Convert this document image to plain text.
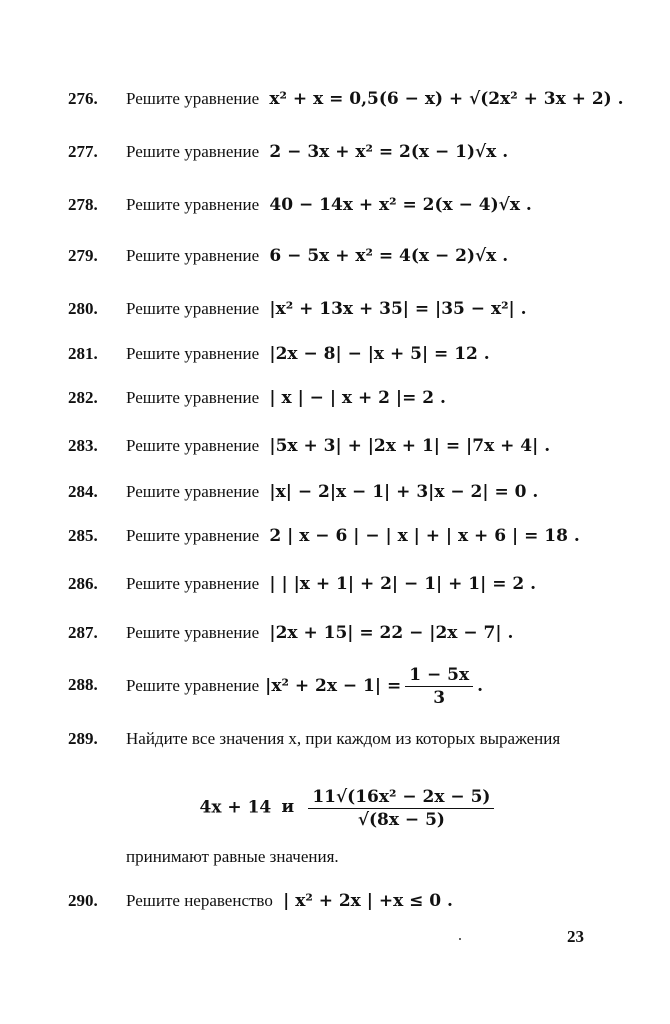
276.	Решите уравнение x² + x = 0,5(6 − x) + √(2x² + 3x + 2) .
277.	Решите уравнение 2 − 3x + x² = 2(x − 1)√x .
278.	Решите уравнение 40 − 14x + x² = 2(x − 4)√x .
279.	Решите уравнение 6 − 5x + x² = 4(x − 2)√x .
280.	Решите уравнение |x² + 13x + 35| = |35 − x²| .
281.	Решите уравнение |2x − 8| − |x + 5| = 12 .
282.	Решите уравнение | x | − | x + 2 |= 2 .
283.	Решите уравнение |5x + 3| + |2x + 1| = |7x + 4| .
284.	Решите уравнение |x| − 2|x − 1| + 3|x − 2| = 0 .
285.	Решите уравнение 2 | x − 6 | − | x | + | x + 6 | = 18 .
286.	Решите уравнение | | |x + 1| + 2| − 1| + 1| = 2 .
287.	Решите уравнение |2x + 15| = 22 − |2x − 7| .
288.	Решите уравнение $|x^2 + 2x - 1| = \frac{1 - 5x}{3}$ .
289.	Найдите все значения x, при каждом из которых выражения
4x + 14 и $\frac{\text{11√(16x² − 2x − 5)}}{√(8x - 5)}$
принимают равные значения.
290.	Решите неравенство | x² + 2x | +x ≤ 0 .
23
